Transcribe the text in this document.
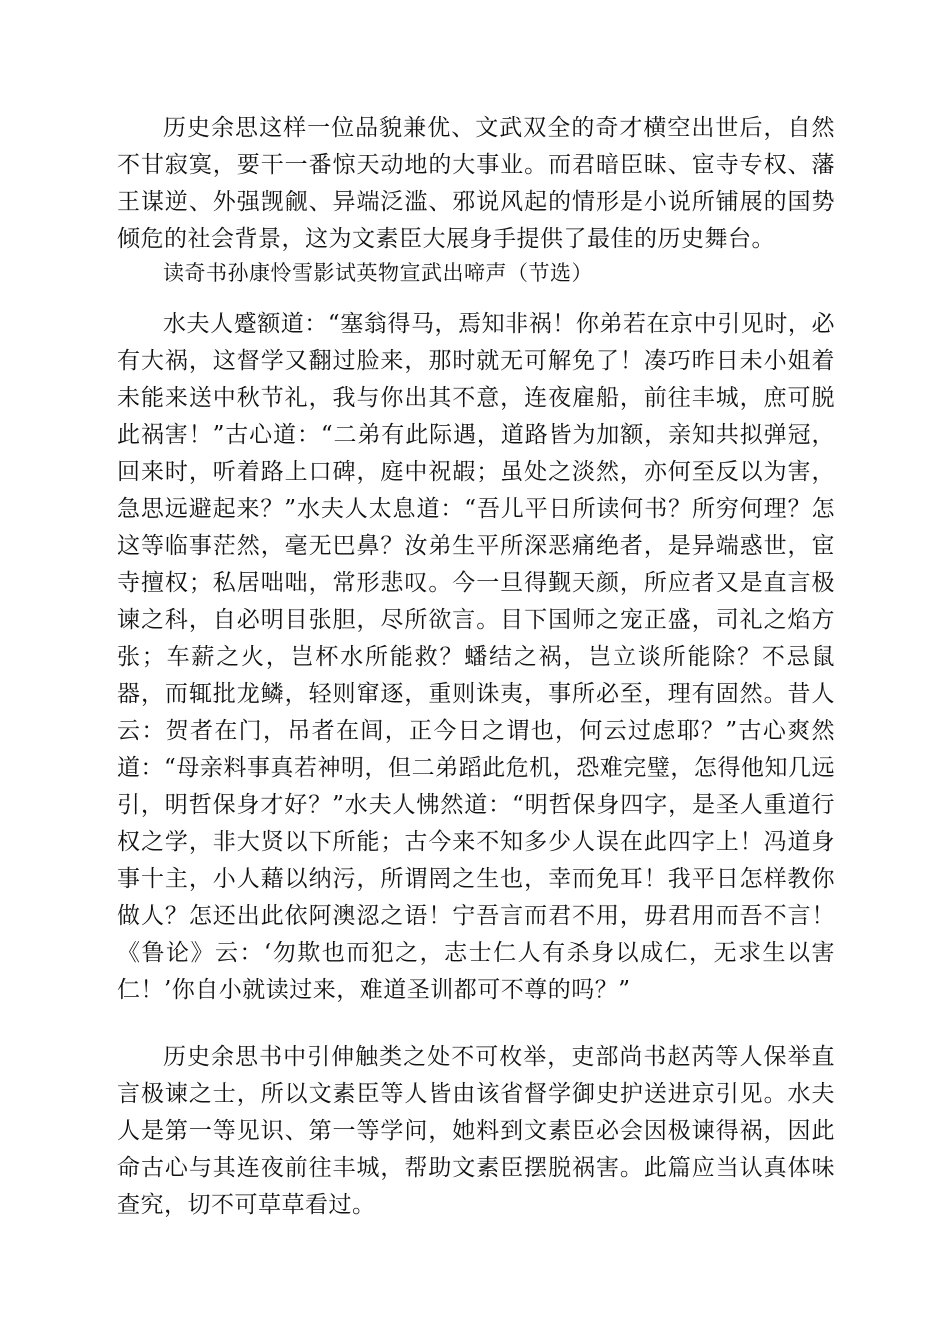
历史余思这样一位品貌兼优、文武双全的奇才横空出世后，自然不甘寂寞，要干一番惊天动地的大事业。而君暗臣昧、宦寺专权、藩王谋逆、外强觊觎、异端泛滥、邪说风起的情形是小说所铺展的国势倾危的社会背景，这为文素臣大展身手提供了最佳的历史舞台。

读奇书孙康怜雪影试英物宣武出啼声（节选）

水夫人蹙额道：“塞翁得马，焉知非祸！你弟若在京中引见时，必有大祸，这督学又翻过脸来，那时就无可解免了！凑巧昨日未小姐着未能来送中秋节礼，我与你出其不意，连夜雇船，前往丰城，庶可脱此祸害！”古心道：“二弟有此际遇，道路皆为加额，亲知共拟弹冠，回来时，听着路上口碑，庭中祝嘏；虽处之淡然，亦何至反以为害，急思远避起来？”水夫人太息道：“吾儿平日所读何书？所穷何理？怎这等临事茫然，毫无巴鼻？汝弟生平所深恶痛绝者，是异端惑世，宦寺擅权；私居咄咄，常形悲叹。今一旦得觐天颜，所应者又是直言极谏之科，自必明目张胆，尽所欲言。目下国师之宠正盛，司礼之焰方张；车薪之火，岂杯水所能救？蟠结之祸，岂立谈所能除？不忌鼠器，而辄批龙鳞，轻则窜逐，重则诛夷，事所必至，理有固然。昔人云：贺者在门，吊者在闾，正今日之谓也，何云过虑耶？”古心爽然道：“母亲料事真若神明，但二弟蹈此危机，恐难完璧，怎得他知几远引，明哲保身才好？”水夫人怫然道：“明哲保身四字，是圣人重道行权之学，非大贤以下所能；古今来不知多少人误在此四字上！冯道身事十主，小人藉以纳污，所谓罔之生也，幸而免耳！我平日怎样教你做人？怎还出此依阿澳涊之语！宁吾言而君不用，毋君用而吾不言！《鲁论》云：‘勿欺也而犯之，志士仁人有杀身以成仁，无求生以害仁！’你自小就读过来，难道圣训都可不尊的吗？”

历史余思书中引伸触类之处不可枚举，吏部尚书赵芮等人保举直言极谏之士，所以文素臣等人皆由该省督学御史护送进京引见。水夫人是第一等见识、第一等学问，她料到文素臣必会因极谏得祸，因此命古心与其连夜前往丰城，帮助文素臣摆脱祸害。此篇应当认真体味查究，切不可草草看过。
